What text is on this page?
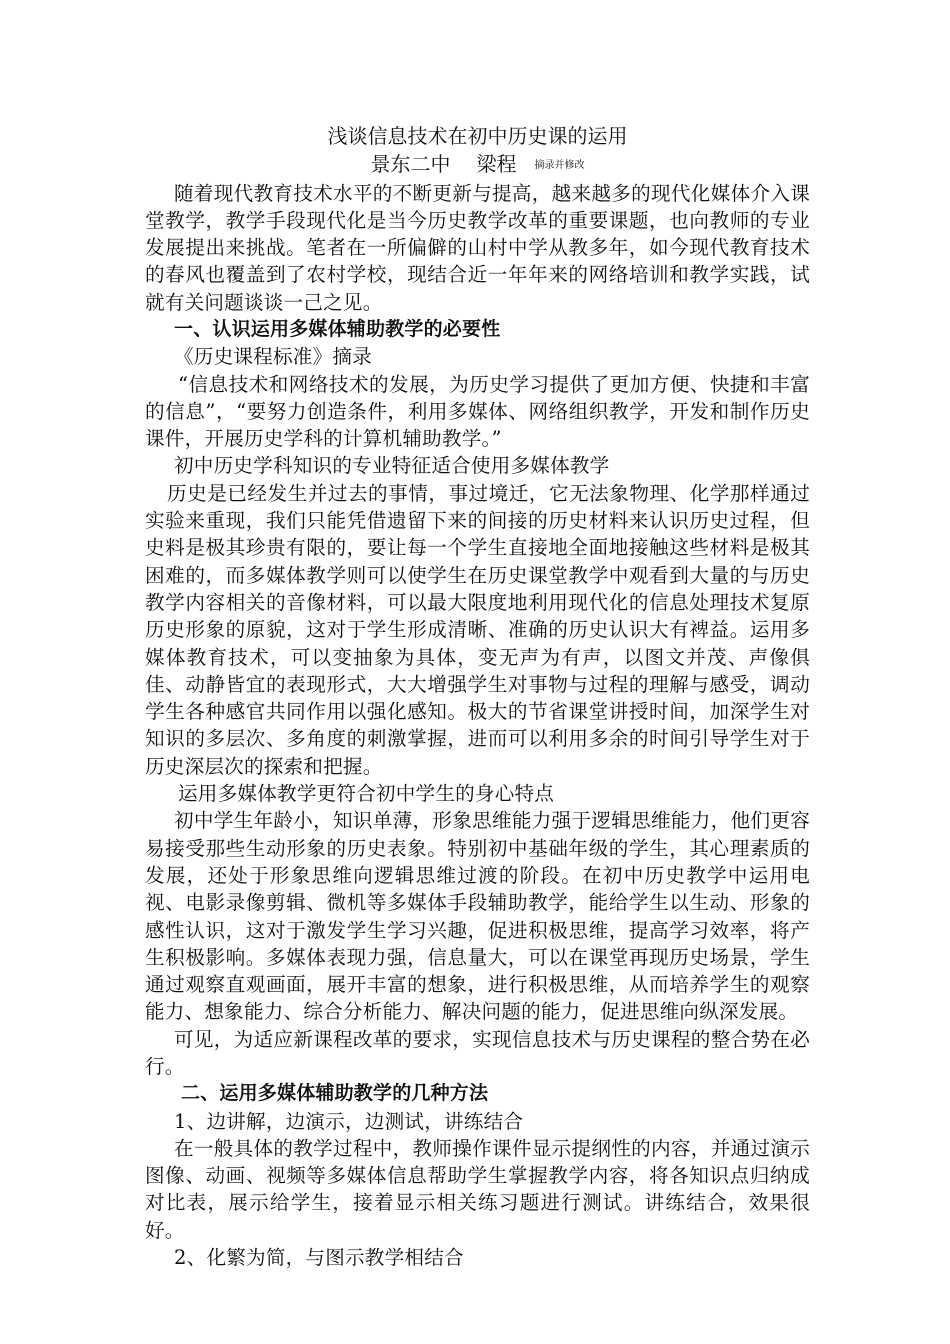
浅谈信息技术在初中历史课的运用
景东二中 梁程 摘录并修改

随着现代教育技术水平的不断更新与提高，越来越多的现代化媒体介入课堂教学，教学手段现代化是当今历史教学改革的重要课题，也向教师的专业发展提出来挑战。笔者在一所偏僻的山村中学从教多年，如今现代教育技术的春风也覆盖到了农村学校，现结合近一年年来的网络培训和教学实践，试就有关问题谈谈一己之见。

一、认识运用多媒体辅助教学的必要性

《历史课程标准》摘录

“信息技术和网络技术的发展，为历史学习提供了更加方便、快捷和丰富的信息”，“要努力创造条件，利用多媒体、网络组织教学，开发和制作历史课件，开展历史学科的计算机辅助教学。”

初中历史学科知识的专业特征适合使用多媒体教学

历史是已经发生并过去的事情，事过境迁，它无法象物理、化学那样通过实验来重现，我们只能凭借遗留下来的间接的历史材料来认识历史过程，但史料是极其珍贵有限的，要让每一个学生直接地全面地接触这些材料是极其困难的，而多媒体教学则可以使学生在历史课堂教学中观看到大量的与历史教学内容相关的音像材料，可以最大限度地利用现代化的信息处理技术复原历史形象的原貌，这对于学生形成清晰、准确的历史认识大有裨益。运用多媒体教育技术，可以变抽象为具体，变无声为有声，以图文并茂、声像俱佳、动静皆宜的表现形式，大大增强学生对事物与过程的理解与感受，调动学生各种感官共同作用以强化感知。极大的节省课堂讲授时间，加深学生对知识的多层次、多角度的刺激掌握，进而可以利用多余的时间引导学生对于历史深层次的探索和把握。

运用多媒体教学更符合初中学生的身心特点

初中学生年龄小，知识单薄，形象思维能力强于逻辑思维能力，他们更容易接受那些生动形象的历史表象。特别初中基础年级的学生，其心理素质的发展，还处于形象思维向逻辑思维过渡的阶段。在初中历史教学中运用电视、电影录像剪辑、微机等多媒体手段辅助教学，能给学生以生动、形象的感性认识，这对于激发学生学习兴趣，促进积极思维，提高学习效率，将产生积极影响。多媒体表现力强，信息量大，可以在课堂再现历史场景，学生通过观察直观画面，展开丰富的想象，进行积极思维，从而培养学生的观察能力、想象能力、综合分析能力、解决问题的能力，促进思维向纵深发展。

可见，为适应新课程改革的要求，实现信息技术与历史课程的整合势在必行。

二、运用多媒体辅助教学的几种方法

1、边讲解，边演示，边测试，讲练结合

在一般具体的教学过程中，教师操作课件显示提纲性的内容，并通过演示图像、动画、视频等多媒体信息帮助学生掌握教学内容，将各知识点归纳成对比表，展示给学生，接着显示相关练习题进行测试。讲练结合，效果很好。

2、化繁为简，与图示教学相结合
